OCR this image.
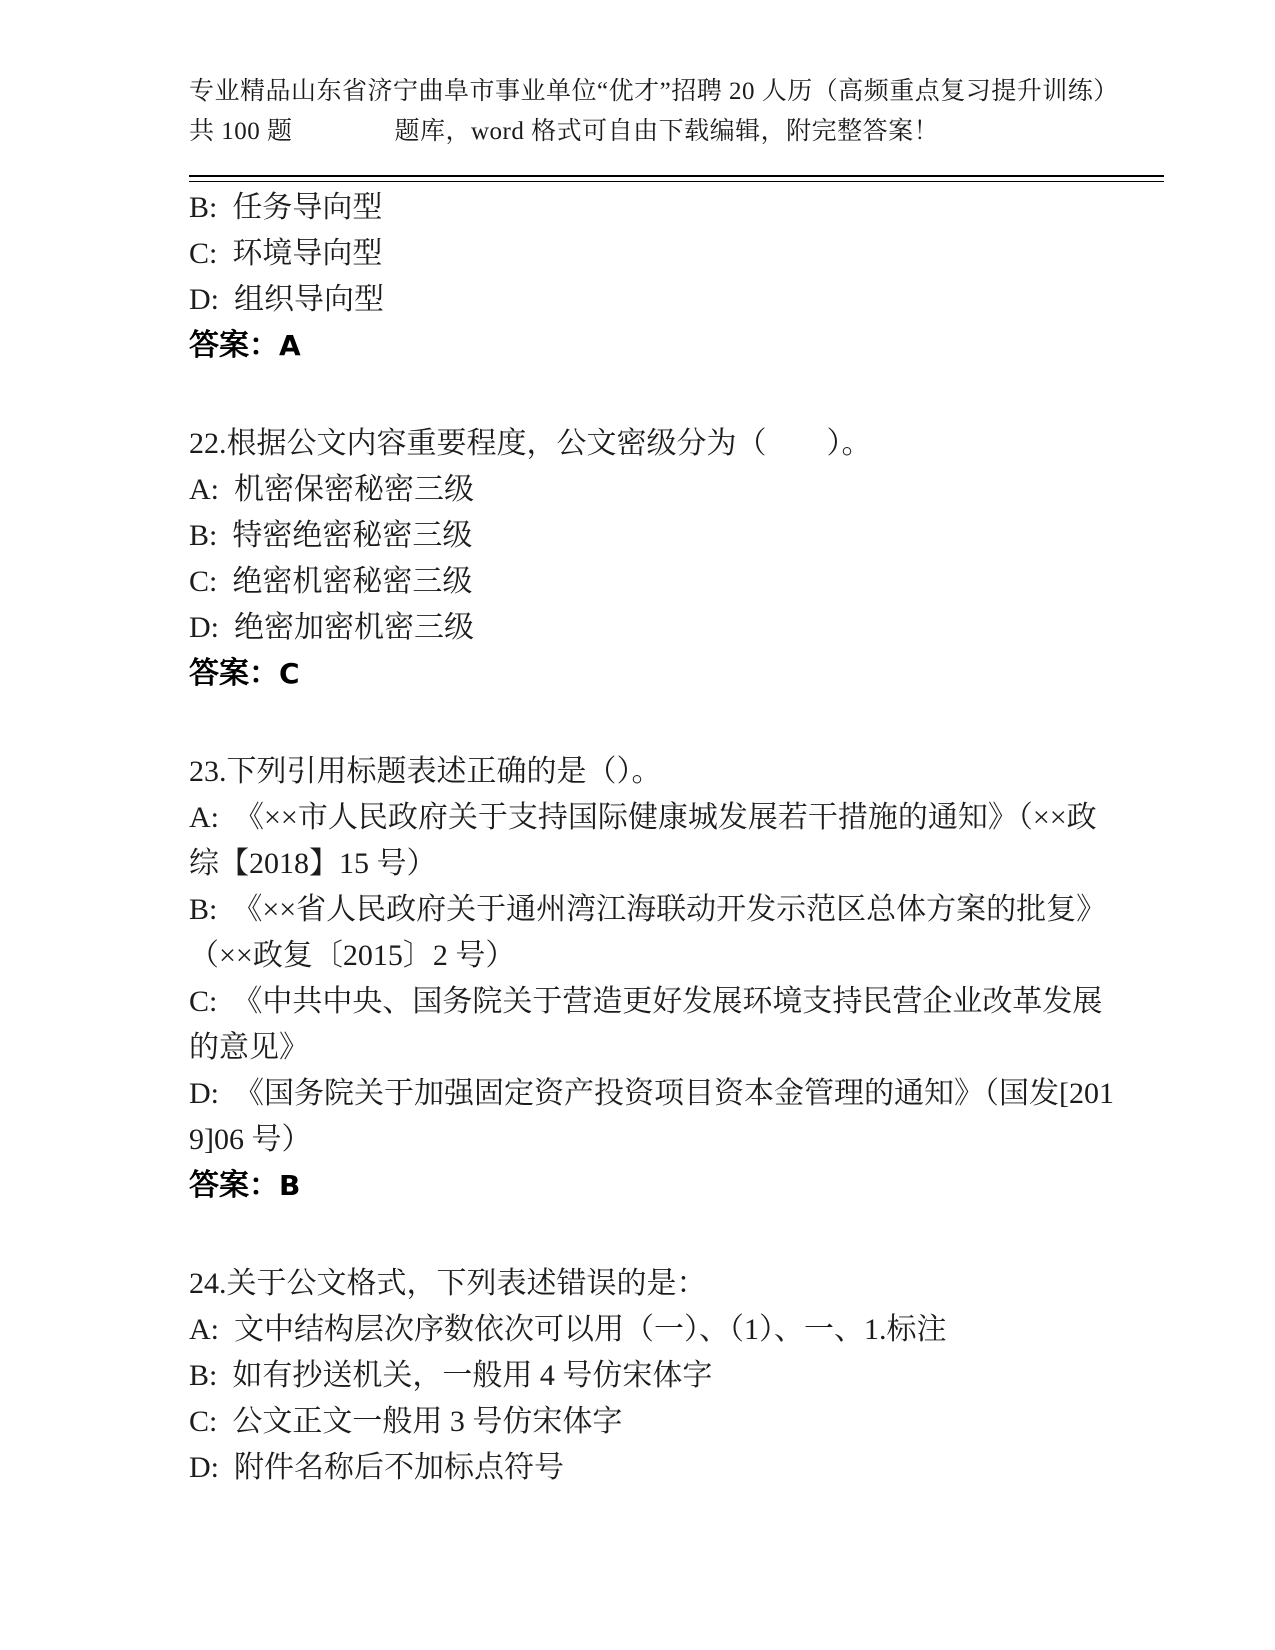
专业精品山东省济宁曲阜市事业单位“优才”招聘 20 人历（高频重点复习提升训练）共 100 题　　　　题库，word 格式可自由下载编辑，附完整答案！

B:  任务导向型

C:  环境导向型

D:  组织导向型

答案：A

22.根据公文内容重要程度，公文密级分为（　　）。

A:  机密保密秘密三级

B:  特密绝密秘密三级

C:  绝密机密秘密三级

D:  绝密加密机密三级

答案：C

23.下列引用标题表述正确的是（）。

A:  《××市人民政府关于支持国际健康城发展若干措施的通知》（××政综【2018】15 号）

B:  《××省人民政府关于通州湾江海联动开发示范区总体方案的批复》（××政复〔2015〕2 号）

C:  《中共中央、国务院关于营造更好发展环境支持民营企业改革发展的意见》

D:  《国务院关于加强固定资产投资项目资本金管理的通知》（国发[2019]06 号）

答案：B

24.关于公文格式，下列表述错误的是：

A:  文中结构层次序数依次可以用（一）、（1）、一、1.标注

B:  如有抄送机关，一般用 4 号仿宋体字

C:  公文正文一般用 3 号仿宋体字

D:  附件名称后不加标点符号
